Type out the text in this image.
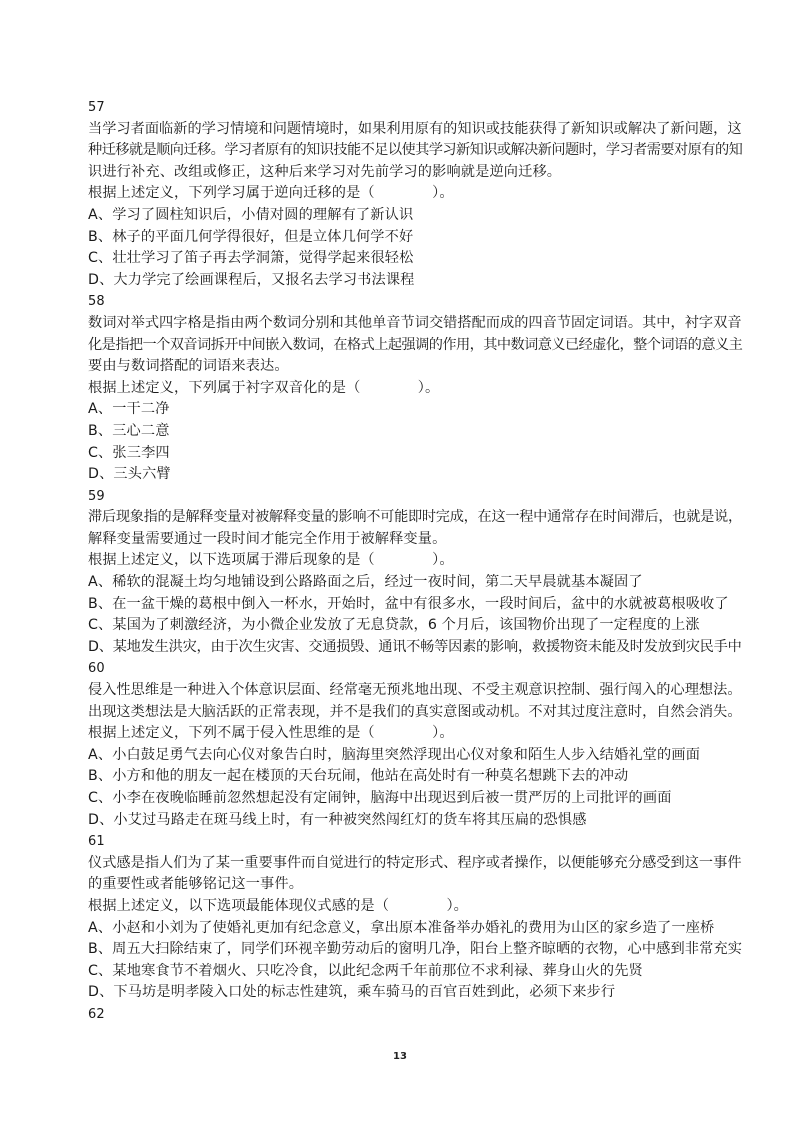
57
当学习者面临新的学习情境和问题情境时，如果利用原有的知识或技能获得了新知识或解决了新问题，这
种迁移就是顺向迁移。学习者原有的知识技能不足以使其学习新知识或解决新问题时，学习者需要对原有的知
识进行补充、改组或修正，这种后来学习对先前学习的影响就是逆向迁移。
根据上述定义，下列学习属于逆向迁移的是（　　　　）。
A、学习了圆柱知识后，小倩对圆的理解有了新认识
B、林子的平面几何学得很好，但是立体几何学不好
C、壮壮学习了笛子再去学洞箫，觉得学起来很轻松
D、大力学完了绘画课程后，又报名去学习书法课程
58
数词对举式四字格是指由两个数词分别和其他单音节词交错搭配而成的四音节固定词语。其中，衬字双音
化是指把一个双音词拆开中间嵌入数词，在格式上起强调的作用，其中数词意义已经虚化，整个词语的意义主
要由与数词搭配的词语来表达。
根据上述定义，下列属于衬字双音化的是（　　　　）。
A、一干二净
B、三心二意
C、张三李四
D、三头六臂
59
滞后现象指的是解释变量对被解释变量的影响不可能即时完成，在这一程中通常存在时间滞后，也就是说，
解释变量需要通过一段时间才能完全作用于被解释变量。
根据上述定义，以下选项属于滞后现象的是（　　　　）。
A、稀软的混凝土均匀地铺设到公路路面之后，经过一夜时间，第二天早晨就基本凝固了
B、在一盆干燥的葛根中倒入一杯水，开始时，盆中有很多水，一段时间后，盆中的水就被葛根吸收了
C、某国为了刺激经济，为小微企业发放了无息贷款，6 个月后，该国物价出现了一定程度的上涨
D、某地发生洪灾，由于次生灾害、交通损毁、通讯不畅等因素的影响，救援物资未能及时发放到灾民手中
60
侵入性思维是一种进入个体意识层面、经常毫无预兆地出现、不受主观意识控制、强行闯入的心理想法。
出现这类想法是大脑活跃的正常表现，并不是我们的真实意图或动机。不对其过度注意时，自然会消失。
根据上述定义，下列不属于侵入性思维的是（　　　　）。
A、小白鼓足勇气去向心仪对象告白时，脑海里突然浮现出心仪对象和陌生人步入结婚礼堂的画面
B、小方和他的朋友一起在楼顶的天台玩闹，他站在高处时有一种莫名想跳下去的冲动
C、小李在夜晚临睡前忽然想起没有定闹钟，脑海中出现迟到后被一贯严厉的上司批评的画面
D、小艾过马路走在斑马线上时，有一种被突然闯红灯的货车将其压扁的恐惧感
61
仪式感是指人们为了某一重要事件而自觉进行的特定形式、程序或者操作，以便能够充分感受到这一事件
的重要性或者能够铭记这一事件。
根据上述定义，以下选项最能体现仪式感的是（　　　　）。
A、小赵和小刘为了使婚礼更加有纪念意义，拿出原本准备举办婚礼的费用为山区的家乡造了一座桥
B、周五大扫除结束了，同学们环视辛勤劳动后的窗明几净，阳台上整齐晾晒的衣物，心中感到非常充实
C、某地寒食节不着烟火、只吃冷食，以此纪念两千年前那位不求利禄、葬身山火的先贤
D、下马坊是明孝陵入口处的标志性建筑，乘车骑马的百官百姓到此，必须下来步行
62
13
